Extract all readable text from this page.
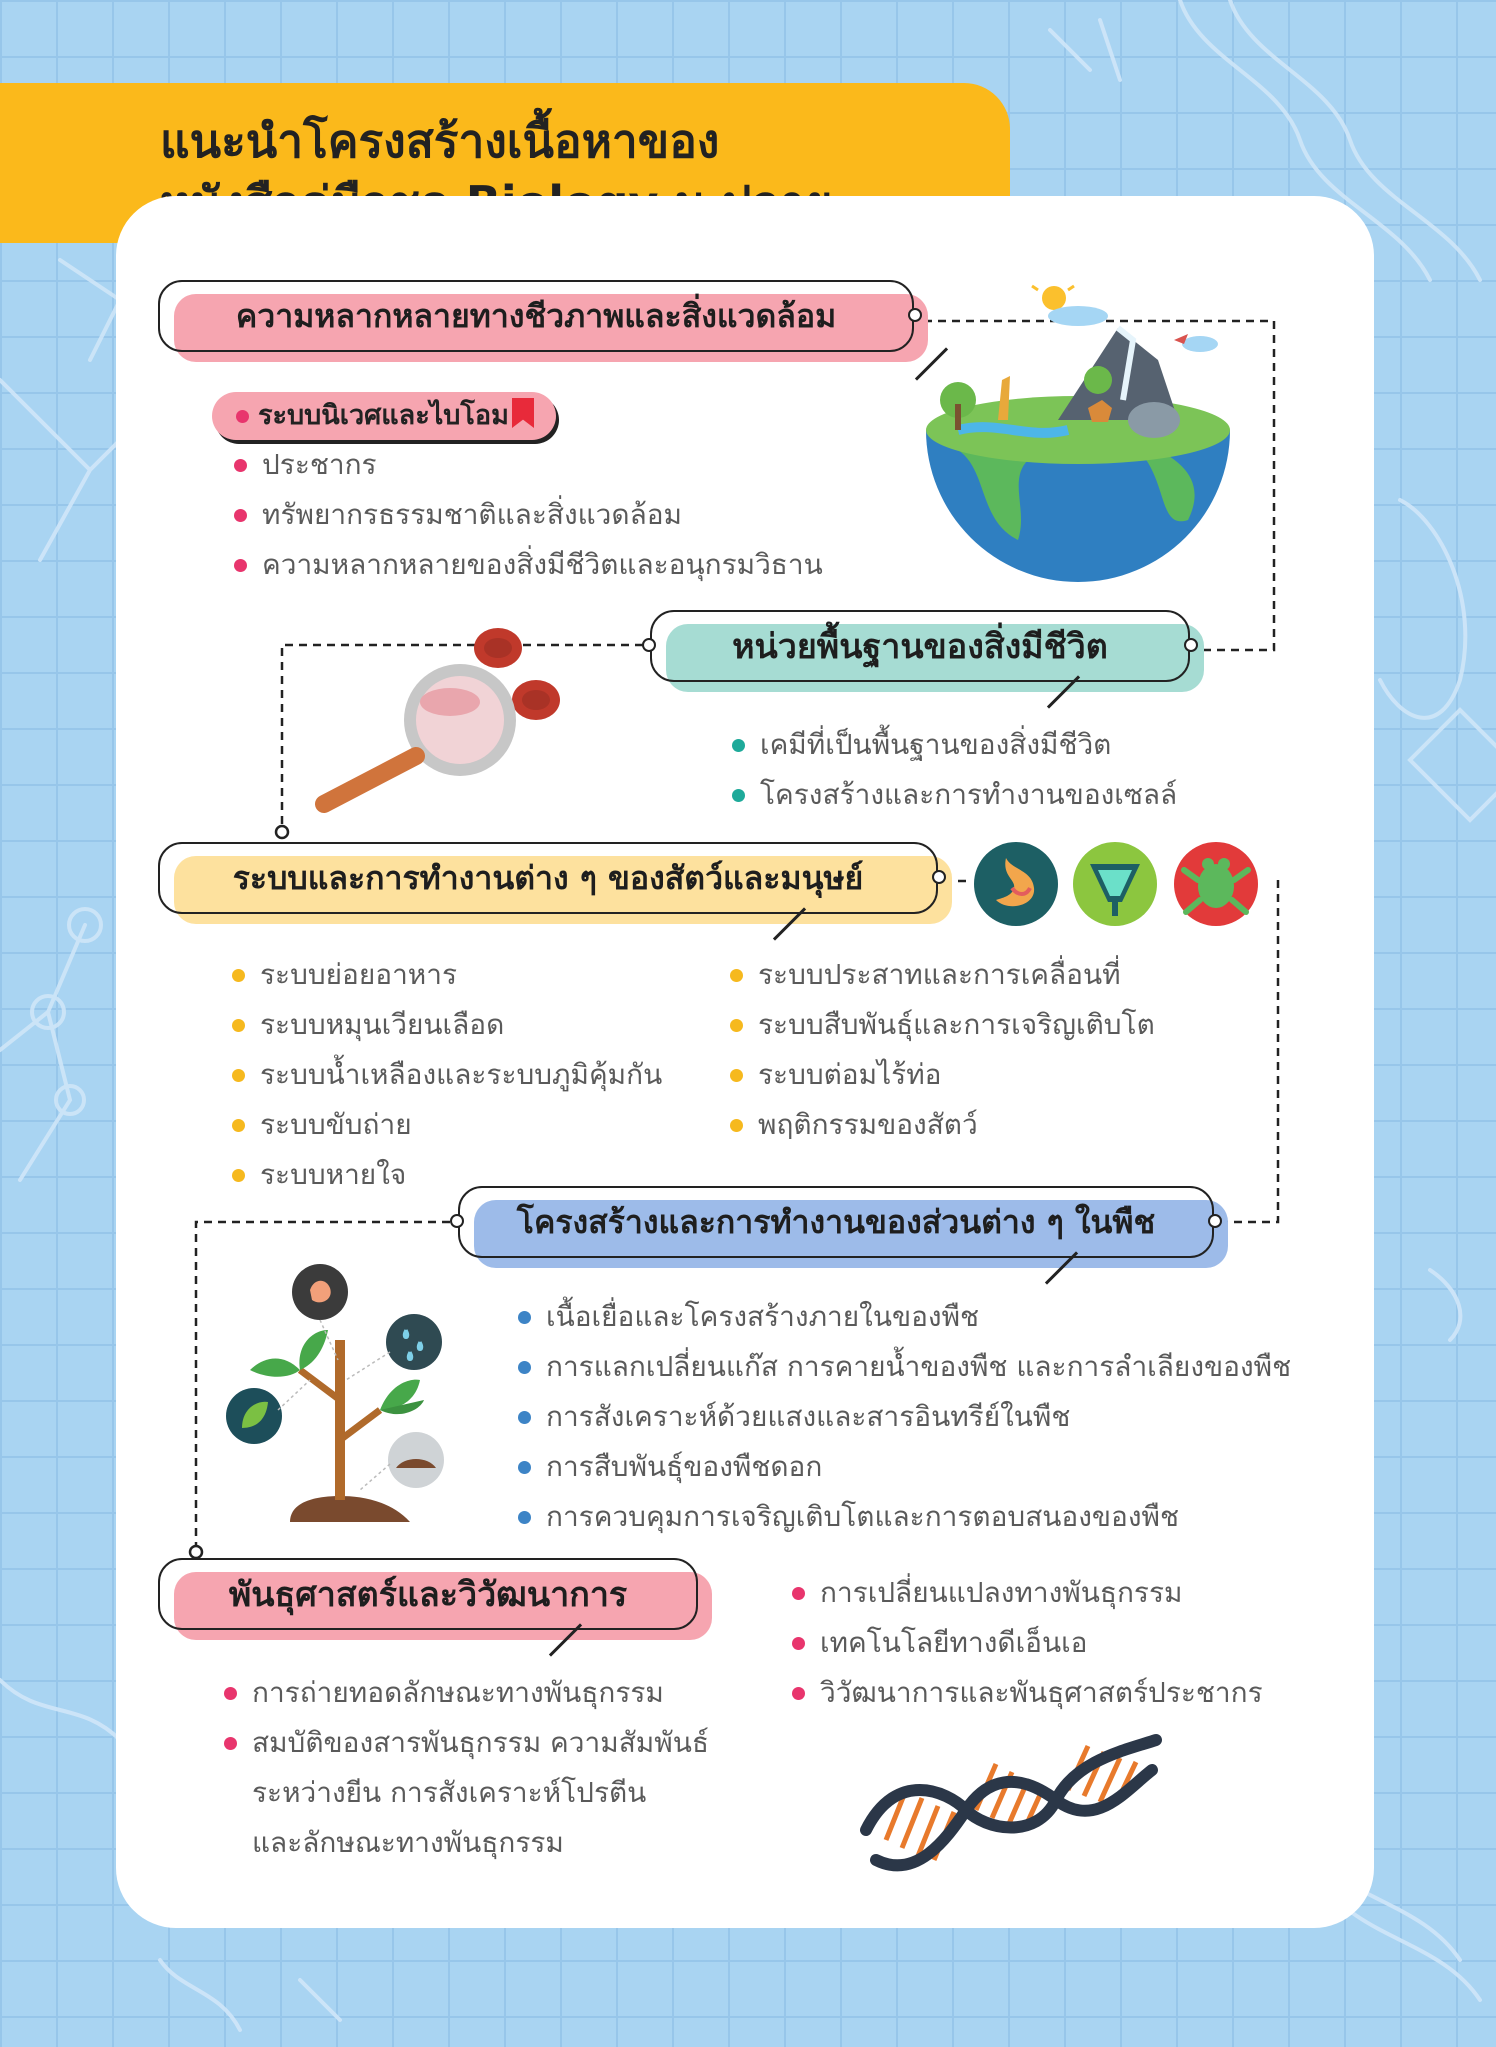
แนะนำโครงสร้างเนื้อหาของ
ความหลากหลายทางชีวภาพและสิ่งแวดล้อม
ระบบนิเวศและไบโอม
ประชากร
ทรัพยากรธรรมชาติและสิ่งแวดล้อม
ความหลากหลายของสิ่งมีชีวิตและอนุกรมวิธาน
หน่วยพื้นฐานของสิ่งมีชีวิต
เคมีที่เป็นพื้นฐานของสิ่งมีชีวิต
โครงสร้างและการทำงานของเซลล์
ระบบและการทำงานต่าง ๆ ของสัตว์และมนุษย์
ระบบย่อยอาหาร
ระบบหมุนเวียนเลือด
ระบบน้ำเหลืองและระบบภูมิคุ้มกัน
ระบบขับถ่าย
ระบบหายใจ
ระบบประสาทและการเคลื่อนที่
ระบบสืบพันธุ์และการเจริญเติบโต
ระบบต่อมไร้ท่อ
พฤติกรรมของสัตว์
โครงสร้างและการทำงานของส่วนต่าง ๆ ในพืช
เนื้อเยื่อและโครงสร้างภายในของพืช
การแลกเปลี่ยนแก๊ส การคายน้ำของพืช และการลำเลียงของพืช
การสังเคราะห์ด้วยแสงและสารอินทรีย์ในพืช
การสืบพันธุ์ของพืชดอก
การควบคุมการเจริญเติบโตและการตอบสนองของพืช
พันธุศาสตร์และวิวัฒนาการ
การถ่ายทอดลักษณะทางพันธุกรรม
สมบัติของสารพันธุกรรม ความสัมพันธ์
ระหว่างยีน การสังเคราะห์โปรตีน
และลักษณะทางพันธุกรรม
การเปลี่ยนแปลงทางพันธุกรรม
เทคโนโลยีทางดีเอ็นเอ
วิวัฒนาการและพันธุศาสตร์ประชากร
